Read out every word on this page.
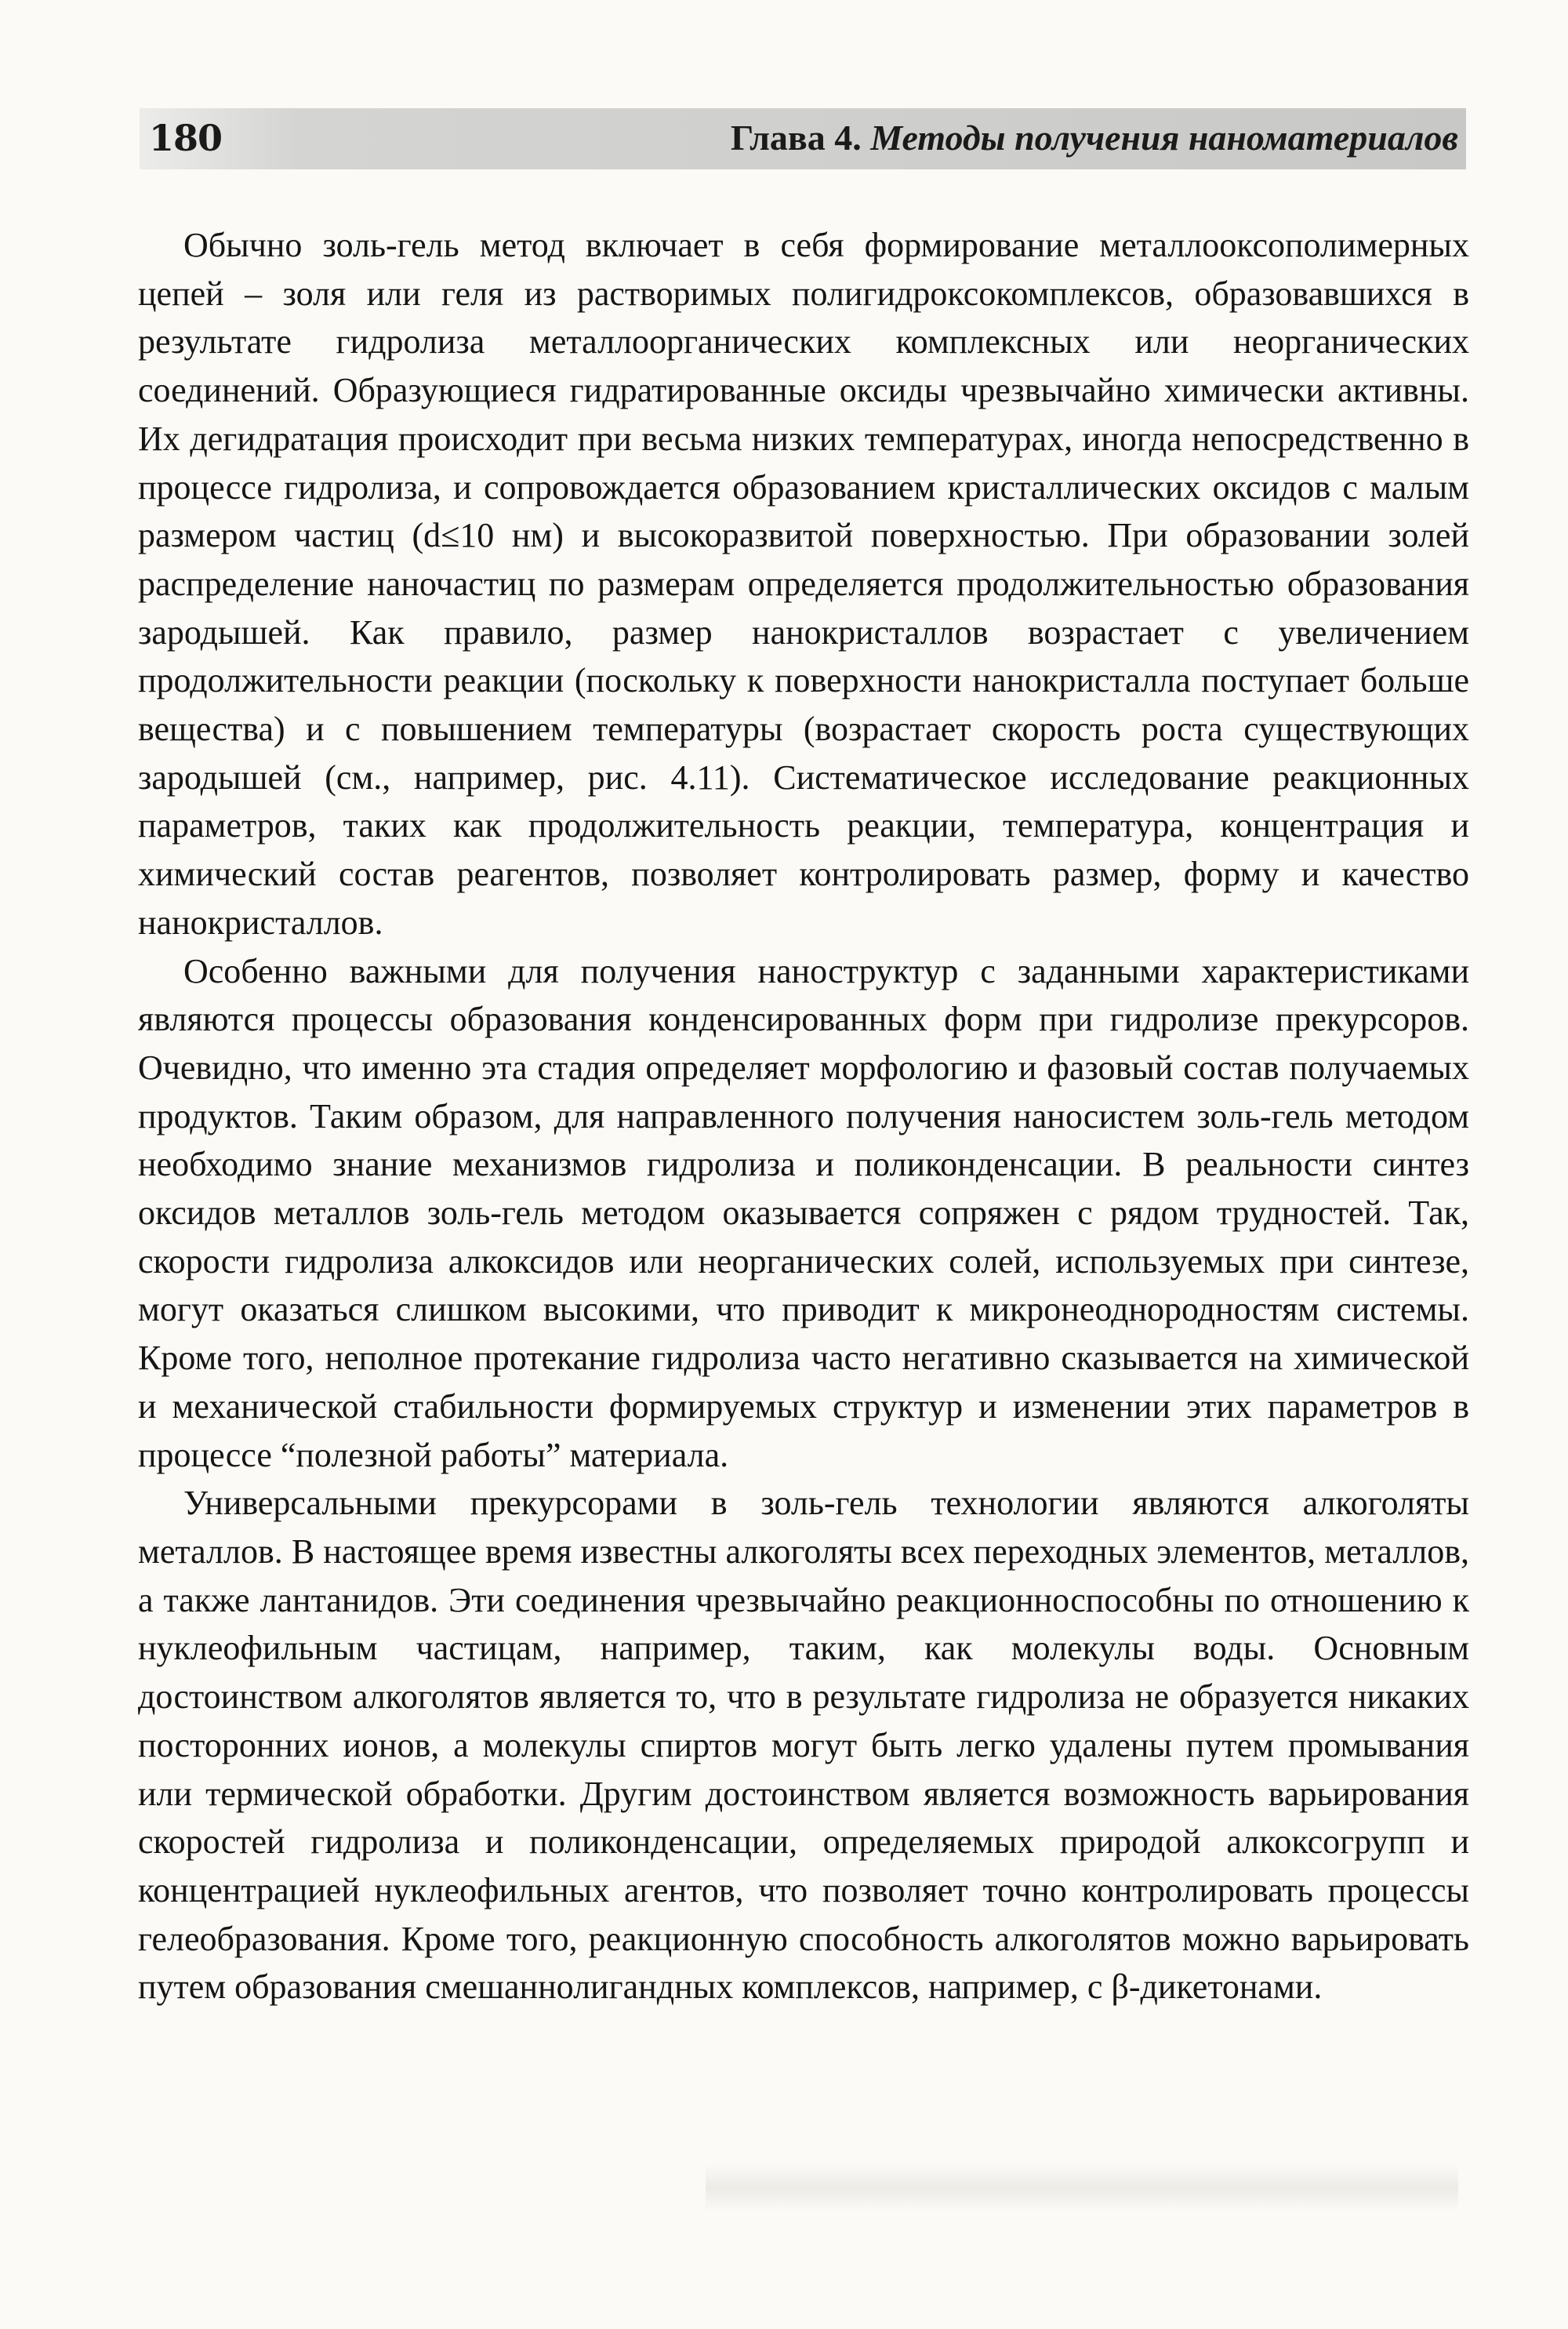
180	Глава 4. Методы получения наноматериалов

Обычно золь-гель метод включает в себя формирование металлооксополимерных цепей – золя или геля из растворимых полигидроксокомплексов, образовавшихся в результате гидролиза металлоорганических комплексных или неорганических соединений. Образующиеся гидратированные оксиды чрезвычайно химически активны. Их дегидратация происходит при весьма низких температурах, иногда непосредственно в процессе гидролиза, и сопровождается образованием кристаллических оксидов с малым размером частиц (d≤10 нм) и высокоразвитой поверхностью. При образовании золей распределение наночастиц по размерам определяется продолжительностью образования зародышей. Как правило, размер нанокристаллов возрастает с увеличением продолжительности реакции (поскольку к поверхности нанокристалла поступает больше вещества) и с повышением температуры (возрастает скорость роста существующих зародышей (см., например, рис. 4.11). Систематическое исследование реакционных параметров, таких как продолжительность реакции, температура, концентрация и химический состав реагентов, позволяет контролировать размер, форму и качество нанокристаллов.

Особенно важными для получения наноструктур с заданными характеристиками являются процессы образования конденсированных форм при гидролизе прекурсоров. Очевидно, что именно эта стадия определяет морфологию и фазовый состав получаемых продуктов. Таким образом, для направленного получения наносистем золь-гель методом необходимо знание механизмов гидролиза и поликонденсации. В реальности синтез оксидов металлов золь-гель методом оказывается сопряжен с рядом трудностей. Так, скорости гидролиза алкоксидов или неорганических солей, используемых при синтезе, могут оказаться слишком высокими, что приводит к микронеоднородностям системы. Кроме того, неполное протекание гидролиза часто негативно сказывается на химической и механической стабильности формируемых структур и изменении этих параметров в процессе “полезной работы” материала.

Универсальными прекурсорами в золь-гель технологии являются алкоголяты металлов. В настоящее время известны алкоголяты всех переходных элементов, металлов, а также лантанидов. Эти соединения чрезвычайно реакционноспособны по отношению к нуклеофильным частицам, например, таким, как молекулы воды. Основным достоинством алкоголятов является то, что в результате гидролиза не образуется никаких посторонних ионов, а молекулы спиртов могут быть легко удалены путем промывания или термической обработки. Другим достоинством является возможность варьирования скоростей гидролиза и поликонденсации, определяемых природой алкоксогрупп и концентрацией нуклеофильных агентов, что позволяет точно контролировать процессы гелеобразования. Кроме того, реакционную способность алкоголятов можно варьировать путем образования смешаннолигандных комплексов, например, с β-дикетонами.
